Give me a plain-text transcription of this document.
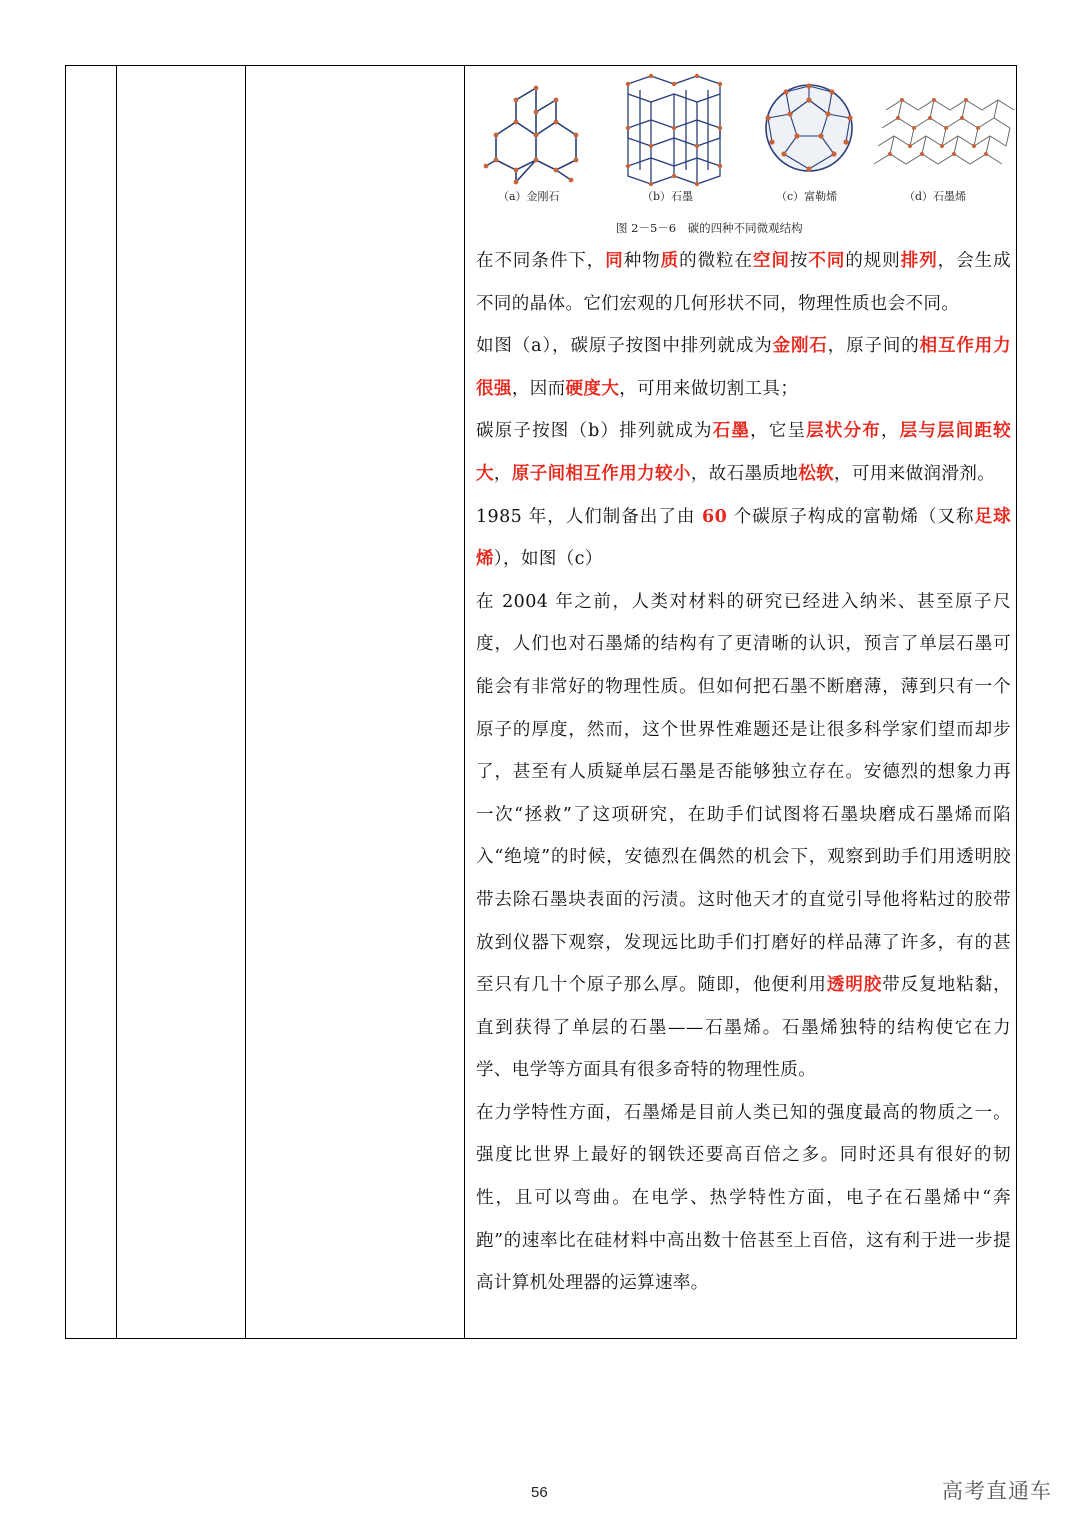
（a）金刚石	（b）石墨	（c）富勒烯	（d）石墨烯
图 2－5－6　碳的四种不同微观结构

在不同条件下，同种物质的微粒在空间按不同的规则排列，会生成不同的晶体。它们宏观的几何形状不同，物理性质也会不同。

如图（a），碳原子按图中排列就成为金刚石，原子间的相互作用力很强，因而硬度大，可用来做切割工具；

碳原子按图（b）排列就成为石墨，它呈层状分布，层与层间距较大，原子间相互作用力较小，故石墨质地松软，可用来做润滑剂。

1985 年，人们制备出了由 60 个碳原子构成的富勒烯（又称足球烯），如图（c）

在 2004 年之前，人类对材料的研究已经进入纳米、甚至原子尺度，人们也对石墨烯的结构有了更清晰的认识，预言了单层石墨可能会有非常好的物理性质。但如何把石墨不断磨薄，薄到只有一个原子的厚度，然而，这个世界性难题还是让很多科学家们望而却步了，甚至有人质疑单层石墨是否能够独立存在。安德烈的想象力再一次“拯救”了这项研究，在助手们试图将石墨块磨成石墨烯而陷入“绝境”的时候，安德烈在偶然的机会下，观察到助手们用透明胶带去除石墨块表面的污渍。这时他天才的直觉引导他将粘过的胶带放到仪器下观察，发现远比助手们打磨好的样品薄了许多，有的甚至只有几十个原子那么厚。随即，他便利用透明胶带反复地粘黏，直到获得了单层的石墨——石墨烯。石墨烯独特的结构使它在力学、电学等方面具有很多奇特的物理性质。

在力学特性方面，石墨烯是目前人类已知的强度最高的物质之一。强度比世界上最好的钢铁还要高百倍之多。同时还具有很好的韧性，且可以弯曲。在电学、热学特性方面，电子在石墨烯中“奔跑”的速率比在硅材料中高出数十倍甚至上百倍，这有利于进一步提高计算机处理器的运算速率。

56	高考直通车
